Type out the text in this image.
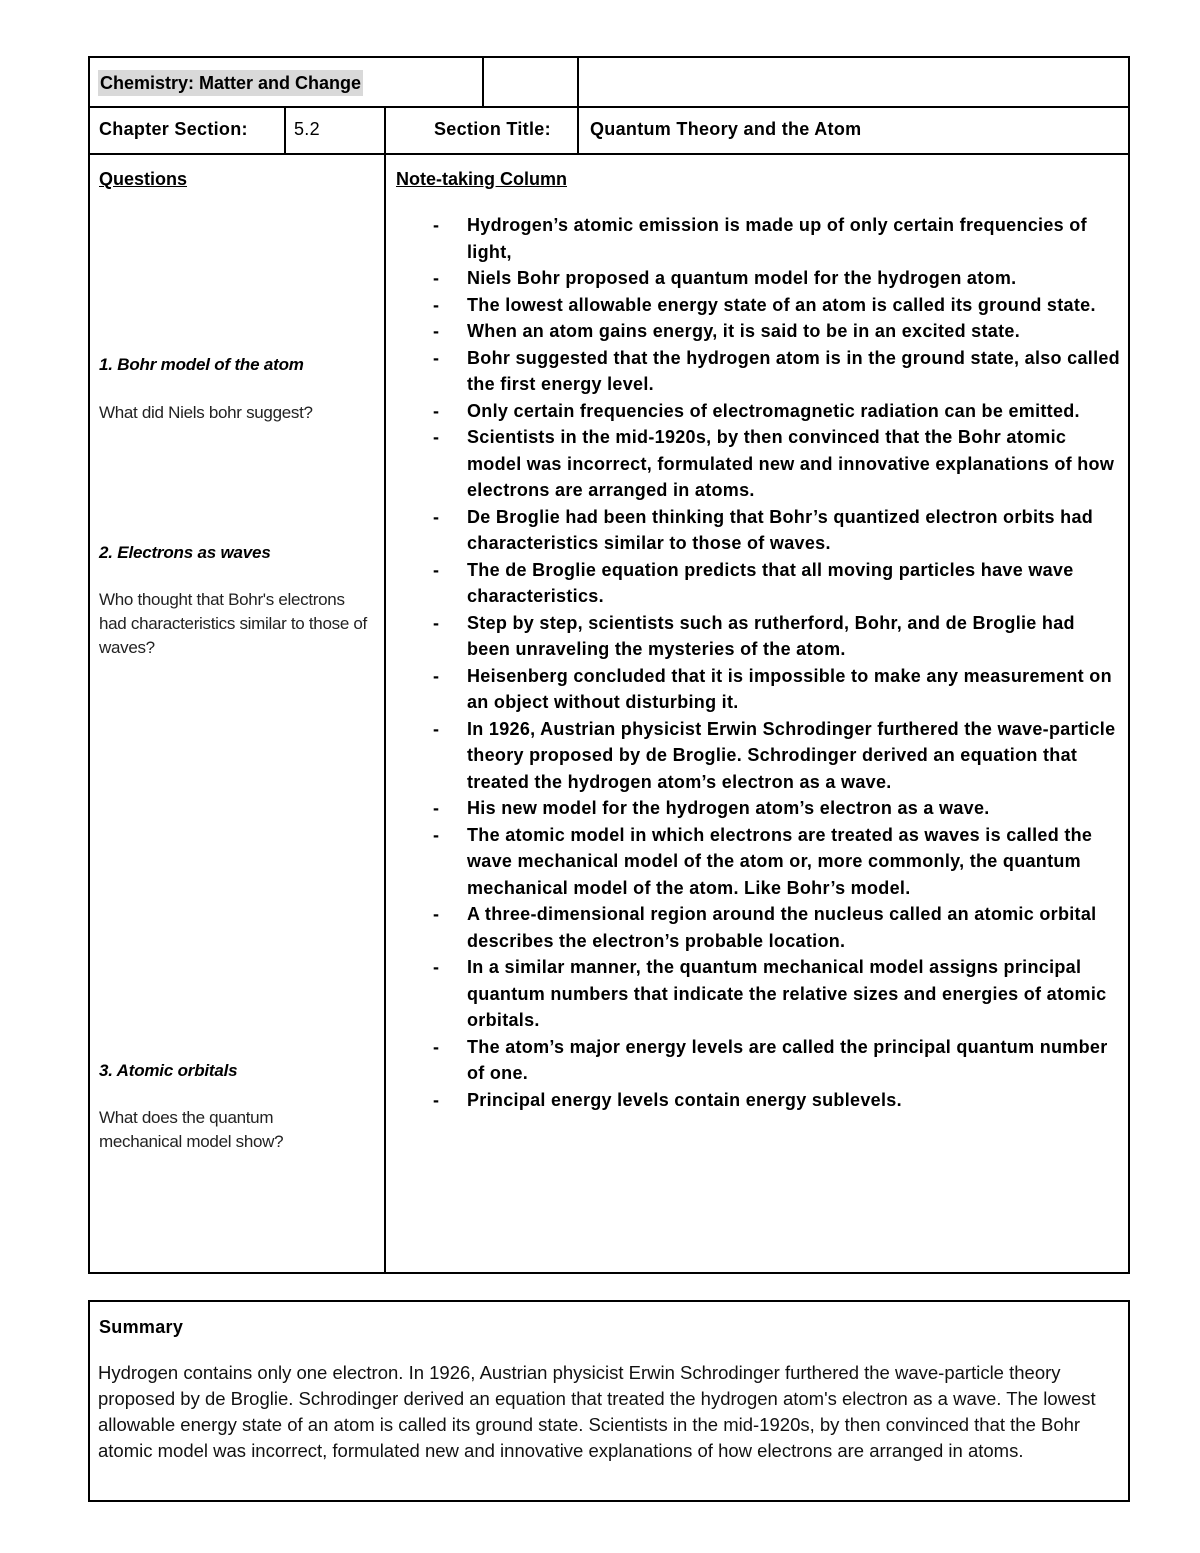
Chemistry: Matter and Change
Chapter Section:	5.2	Section Title: Quantum Theory and the Atom
Questions
1. Bohr model of the atom
What did Niels bohr suggest?
2. Electrons as waves
Who thought that Bohr's electrons had characteristics similar to those of waves?
3. Atomic orbitals
What does the quantum mechanical model show?
Note-taking Column
- Hydrogen’s atomic emission is made up of only certain frequencies of light,
- Niels Bohr proposed a quantum model for the hydrogen atom.
- The lowest allowable energy state of an atom is called its ground state.
- When an atom gains energy, it is said to be in an excited state.
- Bohr suggested that the hydrogen atom is in the ground state, also called the first energy level.
- Only certain frequencies of electromagnetic radiation can be emitted.
- Scientists in the mid-1920s, by then convinced that the Bohr atomic model was incorrect, formulated new and innovative explanations of how electrons are arranged in atoms.
- De Broglie had been thinking that Bohr’s quantized electron orbits had characteristics similar to those of waves.
- The de Broglie equation predicts that all moving particles have wave characteristics.
- Step by step, scientists such as rutherford, Bohr, and de Broglie had been unraveling the mysteries of the atom.
- Heisenberg concluded that it is impossible to make any measurement on an object without disturbing it.
- In 1926, Austrian physicist Erwin Schrodinger furthered the wave-particle theory proposed by de Broglie. Schrodinger derived an equation that treated the hydrogen atom’s electron as a wave.
- His new model for the hydrogen atom’s electron as a wave.
- The atomic model in which electrons are treated as waves is called the wave mechanical model of the atom or, more commonly, the quantum mechanical model of the atom. Like Bohr’s model.
- A three-dimensional region around the nucleus called an atomic orbital describes the electron’s probable location.
- In a similar manner, the quantum mechanical model assigns principal quantum numbers that indicate the relative sizes and energies of atomic orbitals.
- The atom’s major energy levels are called the principal quantum number of one.
- Principal energy levels contain energy sublevels.
Summary
Hydrogen contains only one electron. In 1926, Austrian physicist Erwin Schrodinger furthered the wave-particle theory proposed by de Broglie. Schrodinger derived an equation that treated the hydrogen atom's electron as a wave. The lowest allowable energy state of an atom is called its ground state. Scientists in the mid-1920s, by then convinced that the Bohr atomic model was incorrect, formulated new and innovative explanations of how electrons are arranged in atoms.
